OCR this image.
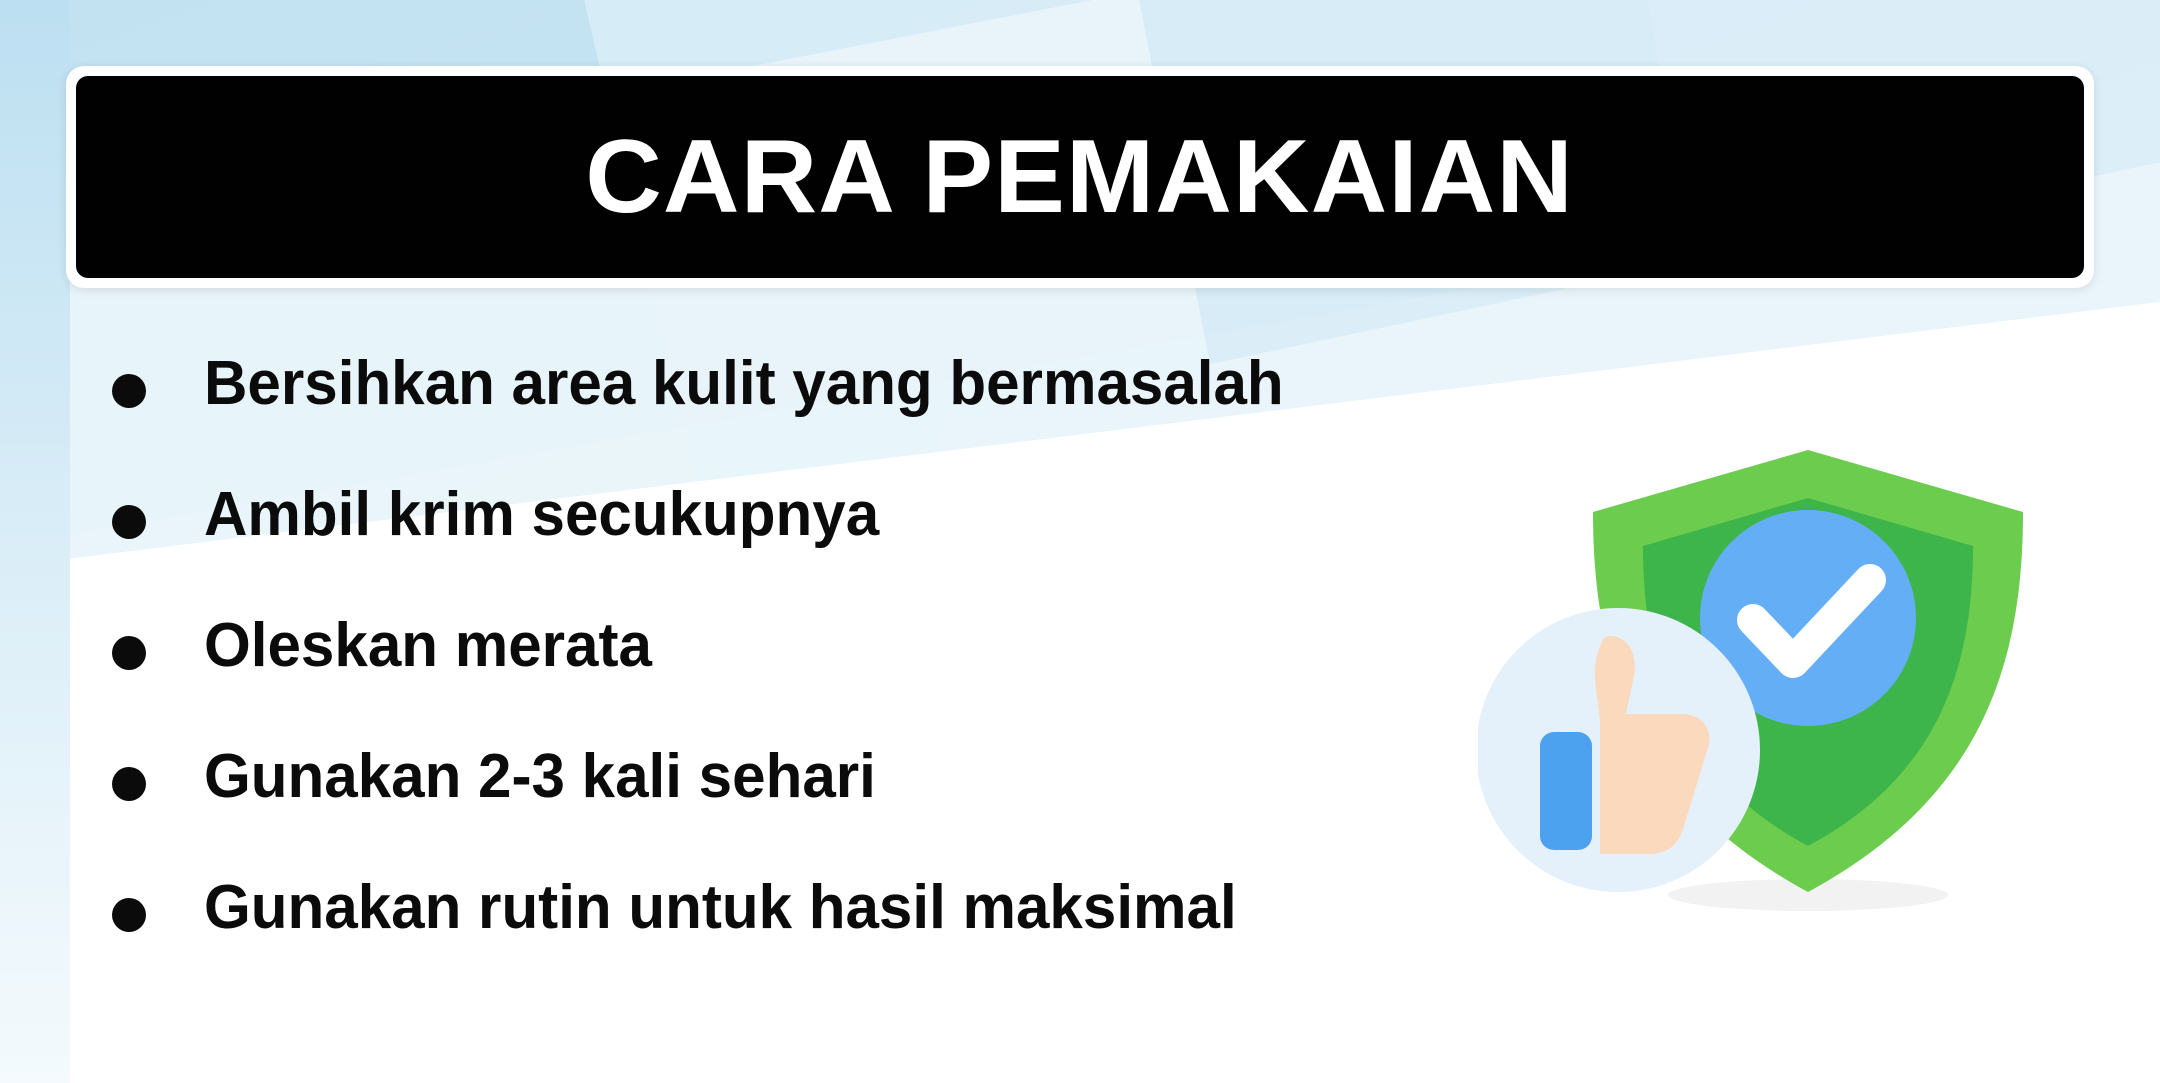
CARA PEMAKAIAN
Bersihkan area kulit yang bermasalah
Ambil krim secukupnya
Oleskan merata
Gunakan 2-3 kali sehari
Gunakan rutin untuk hasil maksimal
